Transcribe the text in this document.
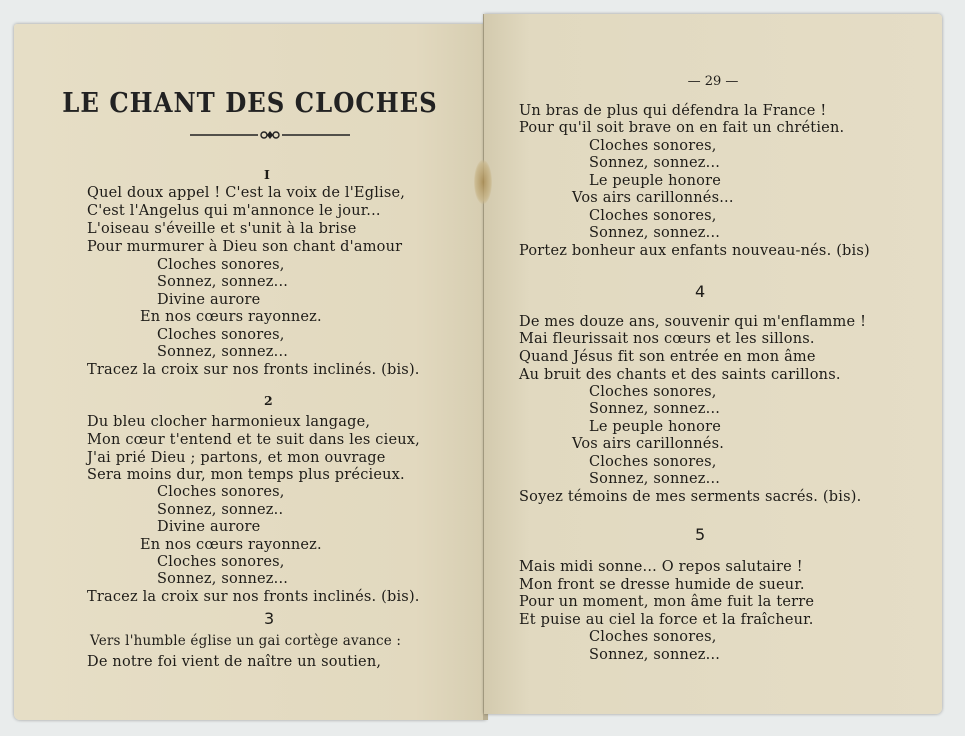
LE CHANT DES CLOCHES
— 29 —
I
Quel doux appel ! C'est la voix de l'Eglise,
C'est l'Angelus qui m'annonce le jour...
L'oiseau s'éveille et s'unit à la brise
Pour murmurer à Dieu son chant d'amour
Cloches sonores,
Sonnez, sonnez...
Divine aurore
En nos cœurs rayonnez.
Cloches sonores,
Sonnez, sonnez...
Tracez la croix sur nos fronts inclinés. (bis).
2
Du bleu clocher harmonieux langage,
Mon cœur t'entend et te suit dans les cieux,
J'ai prié Dieu ; partons, et mon ouvrage
Sera moins dur, mon temps plus précieux.
Cloches sonores,
Sonnez, sonnez..
Divine aurore
En nos cœurs rayonnez.
Cloches sonores,
Sonnez, sonnez...
Tracez la croix sur nos fronts inclinés. (bis).
3
Vers l'humble église un gai cortège avance :
De notre foi vient de naître un soutien,
Un bras de plus qui défendra la France !
Pour qu'il soit brave on en fait un chrétien.
Cloches sonores,
Sonnez, sonnez...
Le peuple honore
Vos airs carillonnés...
Cloches sonores,
Sonnez, sonnez...
Portez bonheur aux enfants nouveau-nés. (bis)
4
De mes douze ans, souvenir qui m'enflamme !
Mai fleurissait nos cœurs et les sillons.
Quand Jésus fit son entrée en mon âme
Au bruit des chants et des saints carillons.
Cloches sonores,
Sonnez, sonnez...
Le peuple honore
Vos airs carillonnés.
Cloches sonores,
Sonnez, sonnez...
Soyez témoins de mes serments sacrés. (bis).
5
Mais midi sonne... O repos salutaire !
Mon front se dresse humide de sueur.
Pour un moment, mon âme fuit la terre
Et puise au ciel la force et la fraîcheur.
Cloches sonores,
Sonnez, sonnez...
